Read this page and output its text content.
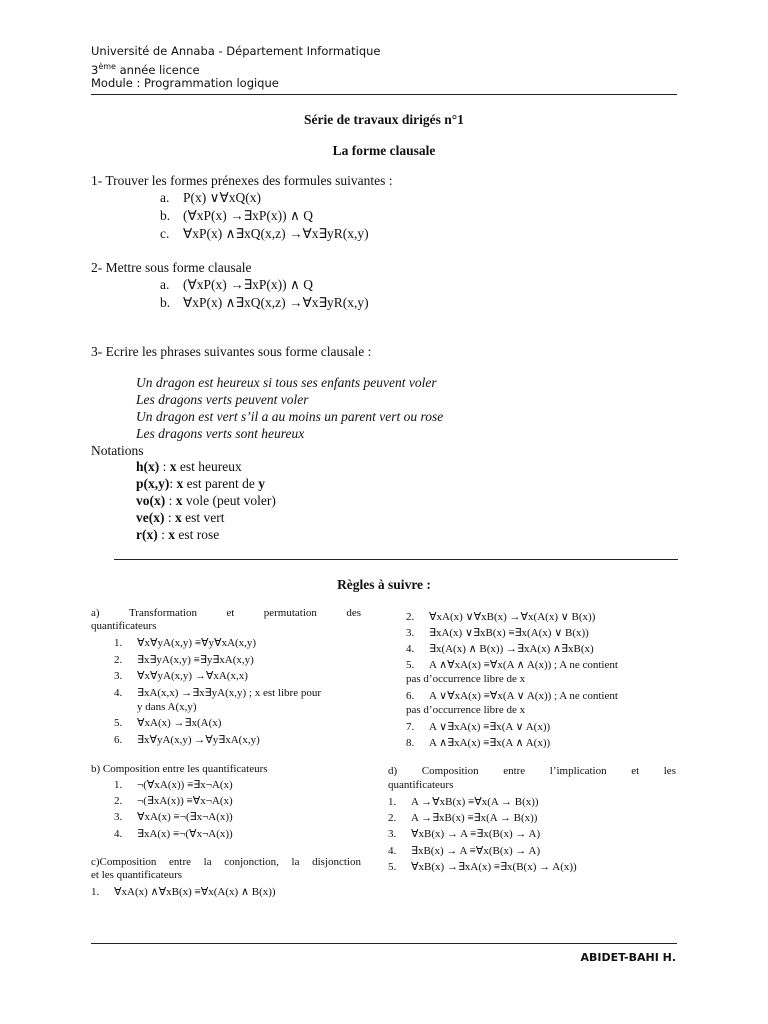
Université de Annaba - Département Informatique
3ème année licence
Module : Programmation logique
Série de travaux dirigés n°1
La forme clausale
1- Trouver les formes prénexes des formules suivantes :
a. P(x) ∨∀xQ(x)
b. (∀xP(x) →∃xP(x)) ∧ Q
c. ∀xP(x) ∧∃xQ(x,z) →∀x∃yR(x,y)
2- Mettre sous forme clausale
a. (∀xP(x) →∃xP(x)) ∧ Q
b. ∀xP(x) ∧∃xQ(x,z) →∀x∃yR(x,y)
3- Ecrire les phrases suivantes sous forme clausale :
Un dragon est heureux si tous ses enfants peuvent voler
Les dragons verts peuvent voler
Un dragon est vert s’il a au moins un parent vert ou rose
Les dragons verts sont heureux
Notations
h(x) : x est heureux
p(x,y): x est parent de y
vo(x) : x vole (peut voler)
ve(x) : x est vert
r(x) : x est rose
Règles à suivre :
a)	Transformation	et	permutation	des
quantificateurs
1. ∀x∀yA(x,y) ≡∀y∀xA(x,y)
2. ∃x∃yA(x,y) ≡∃y∃xA(x,y)
3. ∀x∀yA(x,y) →∀xA(x,x)
4. ∃xA(x,x) →∃x∃yA(x,y) ; x est libre pour
y dans A(x,y)
5. ∀xA(x) →∃x(A(x)
6. ∃x∀yA(x,y) →∀y∃xA(x,y)
b) Composition entre les quantificateurs
1. ¬(∀xA(x)) ≡∃x¬A(x)
2. ¬(∃xA(x)) ≡∀x¬A(x)
3. ∀xA(x) ≡¬(∃x¬A(x))
4. ∃xA(x) ≡¬(∀x¬A(x))
c)Composition entre la conjonction, la disjonction
et les quantificateurs
1. ∀xA(x) ∧∀xB(x) ≡∀x(A(x) ∧ B(x))
2. ∀xA(x) ∨∀xB(x) →∀x(A(x) ∨ B(x))
3. ∃xA(x) ∨∃xB(x) ≡∃x(A(x) ∨ B(x))
4. ∃x(A(x) ∧ B(x)) →∃xA(x) ∧∃xB(x)
5. A ∧∀xA(x) ≡∀x(A ∧ A(x)) ; A ne contient
pas d’occurrence libre de x
6. A ∨∀xA(x) ≡∀x(A ∨ A(x)) ; A ne contient
pas d’occurrence libre de x
7. A ∨∃xA(x) ≡∃x(A ∨ A(x))
8. A ∧∃xA(x) ≡∃x(A ∧ A(x))
d) Composition entre l’implication et les
quantificateurs
1. A →∀xB(x) ≡∀x(A → B(x))
2. A →∃xB(x) ≡∃x(A → B(x))
3. ∀xB(x) → A ≡∃x(B(x) → A)
4. ∃xB(x) → A ≡∀x(B(x) → A)
5. ∀xB(x) →∃xA(x) ≡∃x(B(x) → A(x))
ABIDET-BAHI H.
